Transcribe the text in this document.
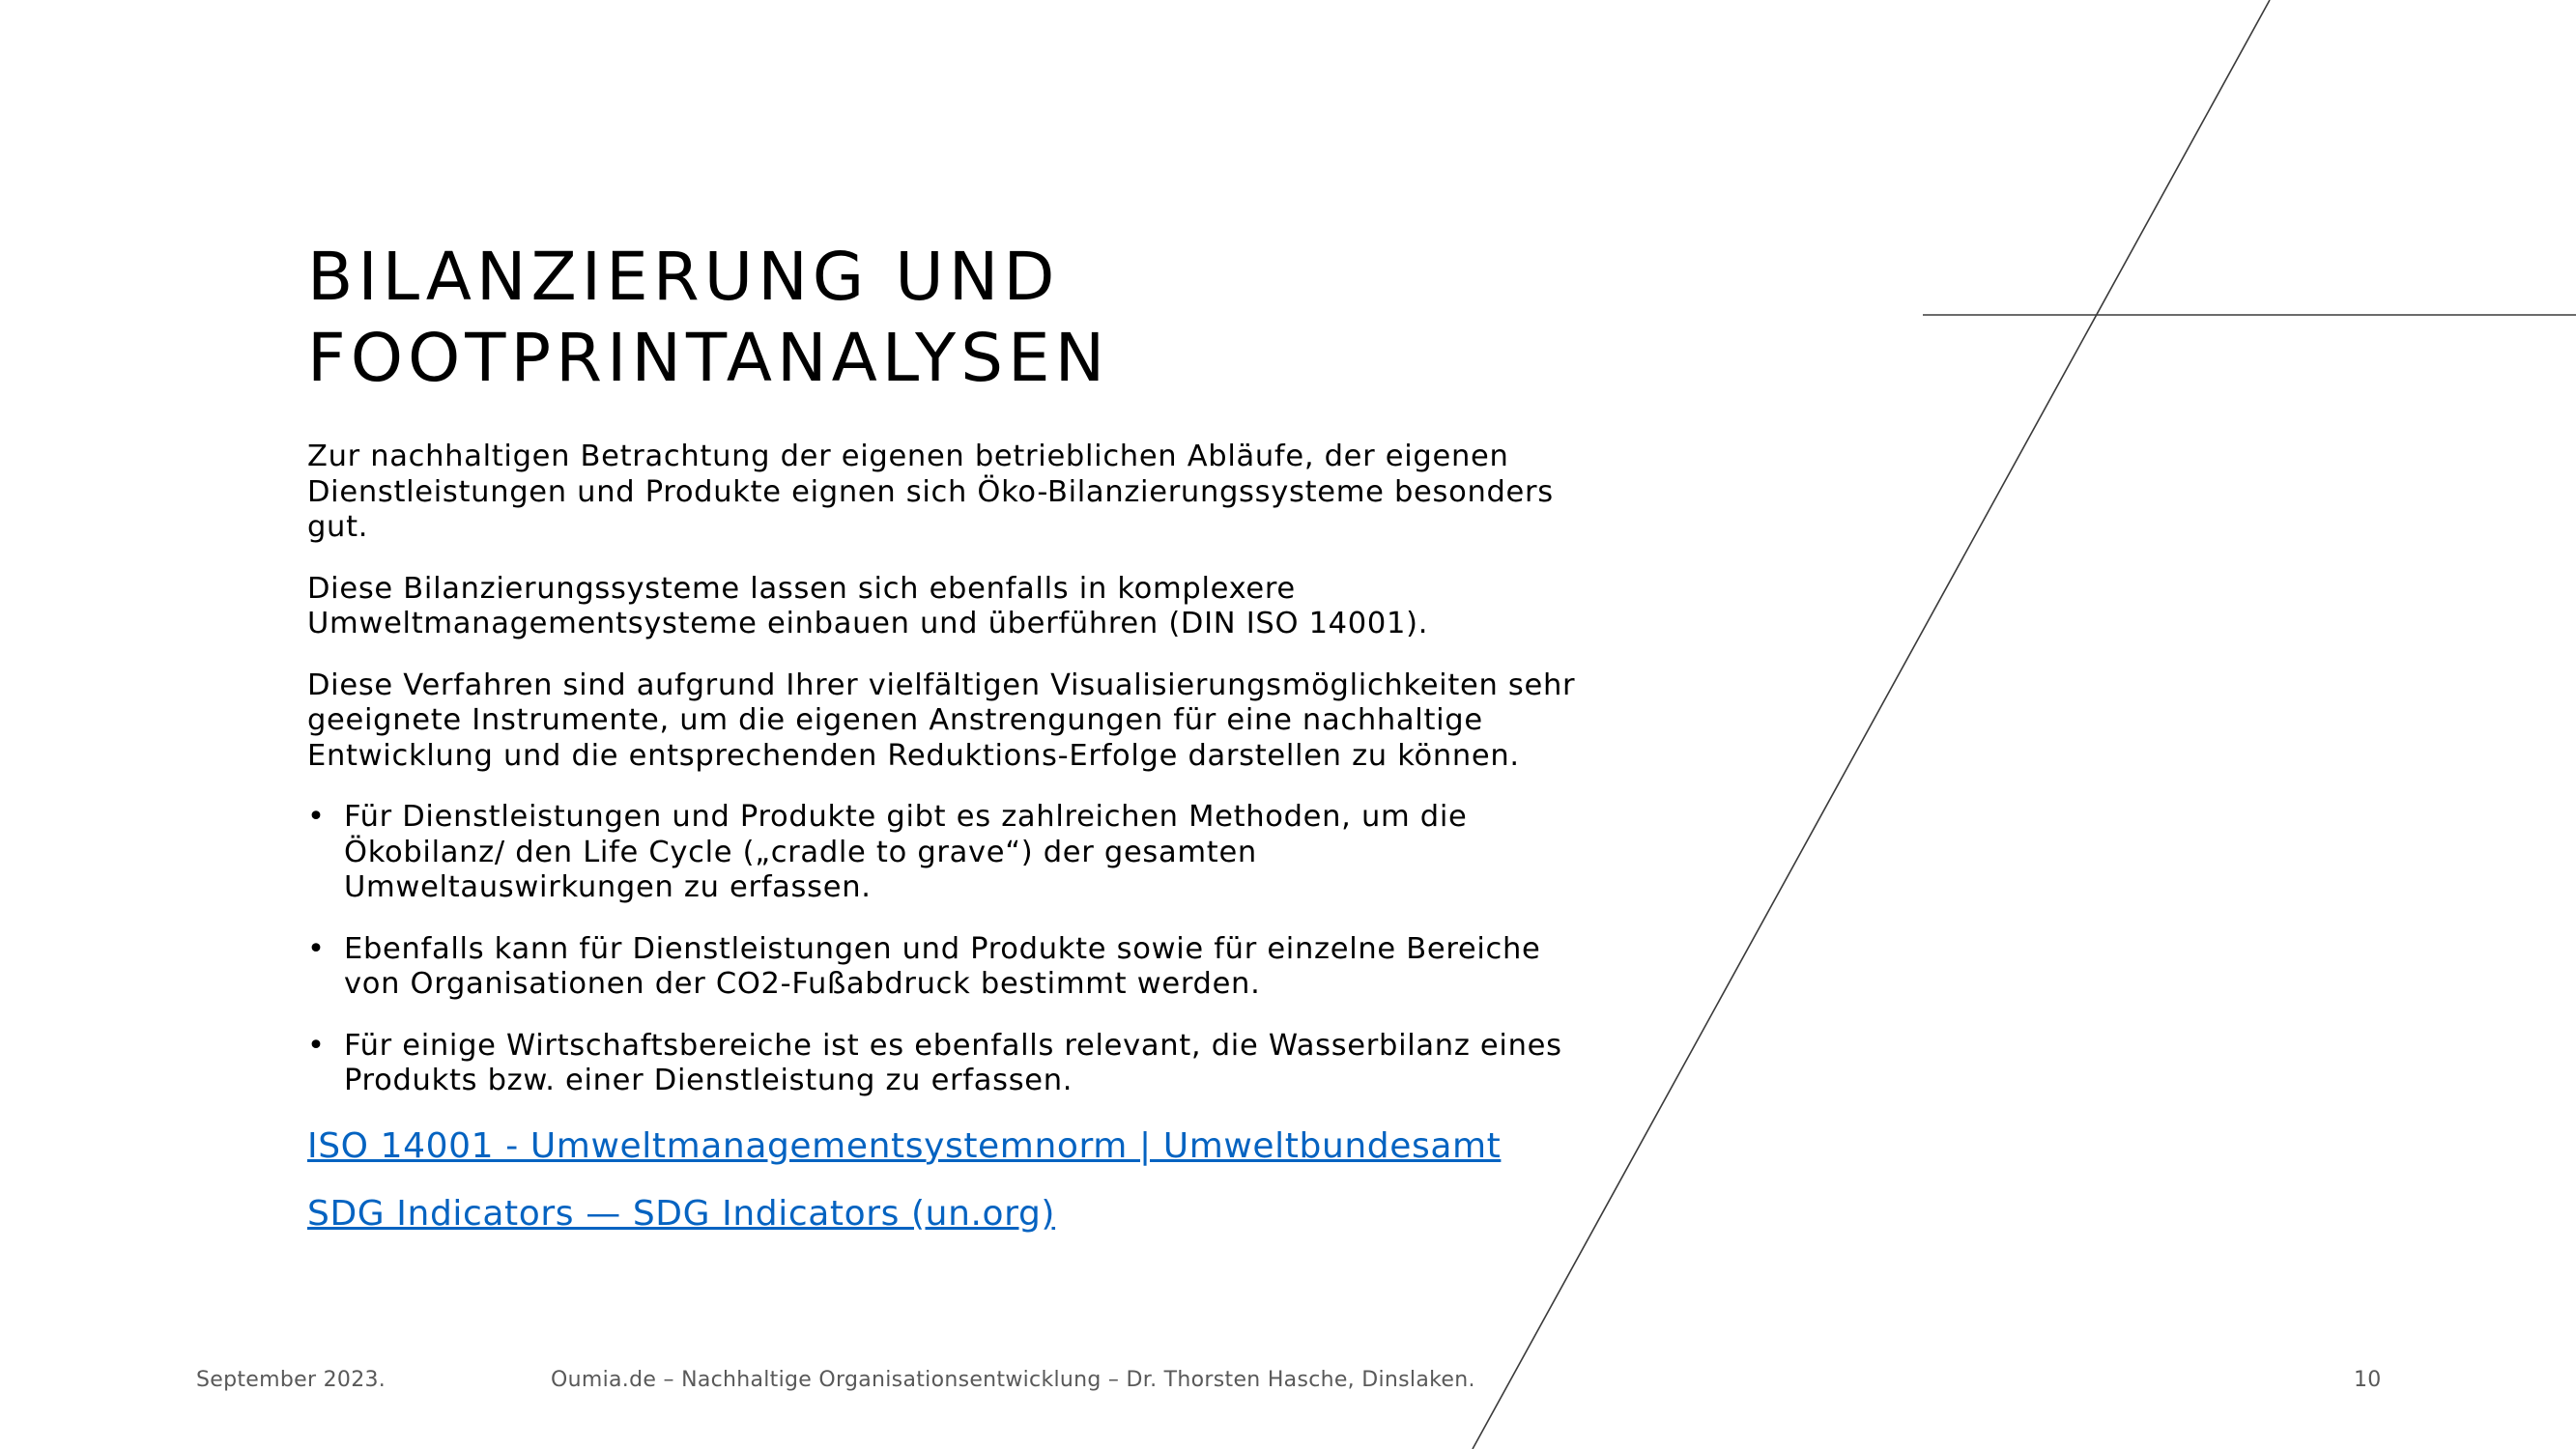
BILANZIERUNG UND
FOOTPRINTANALYSEN

Zur nachhaltigen Betrachtung der eigenen betrieblichen Abläufe, der eigenen Dienstleistungen und Produkte eignen sich Öko-Bilanzierungssysteme besonders gut.

Diese Bilanzierungssysteme lassen sich ebenfalls in komplexere Umweltmanagementsysteme einbauen und überführen (DIN ISO 14001).

Diese Verfahren sind aufgrund Ihrer vielfältigen Visualisierungsmöglichkeiten sehr geeignete Instrumente, um die eigenen Anstrengungen für eine nachhaltige Entwicklung und die entsprechenden Reduktions-Erfolge darstellen zu können.

• Für Dienstleistungen und Produkte gibt es zahlreichen Methoden, um die Ökobilanz/ den Life Cycle („cradle to grave“) der gesamten Umweltauswirkungen zu erfassen.
• Ebenfalls kann für Dienstleistungen und Produkte sowie für einzelne Bereiche von Organisationen der CO2-Fußabdruck bestimmt werden.
• Für einige Wirtschaftsbereiche ist es ebenfalls relevant, die Wasserbilanz eines Produkts bzw. einer Dienstleistung zu erfassen.
ISO 14001 - Umweltmanagementsystemnorm | Umweltbundesamt
SDG Indicators — SDG Indicators (un.org)
September 2023.	Oumia.de – Nachhaltige Organisationsentwicklung – Dr. Thorsten Hasche, Dinslaken.	10
